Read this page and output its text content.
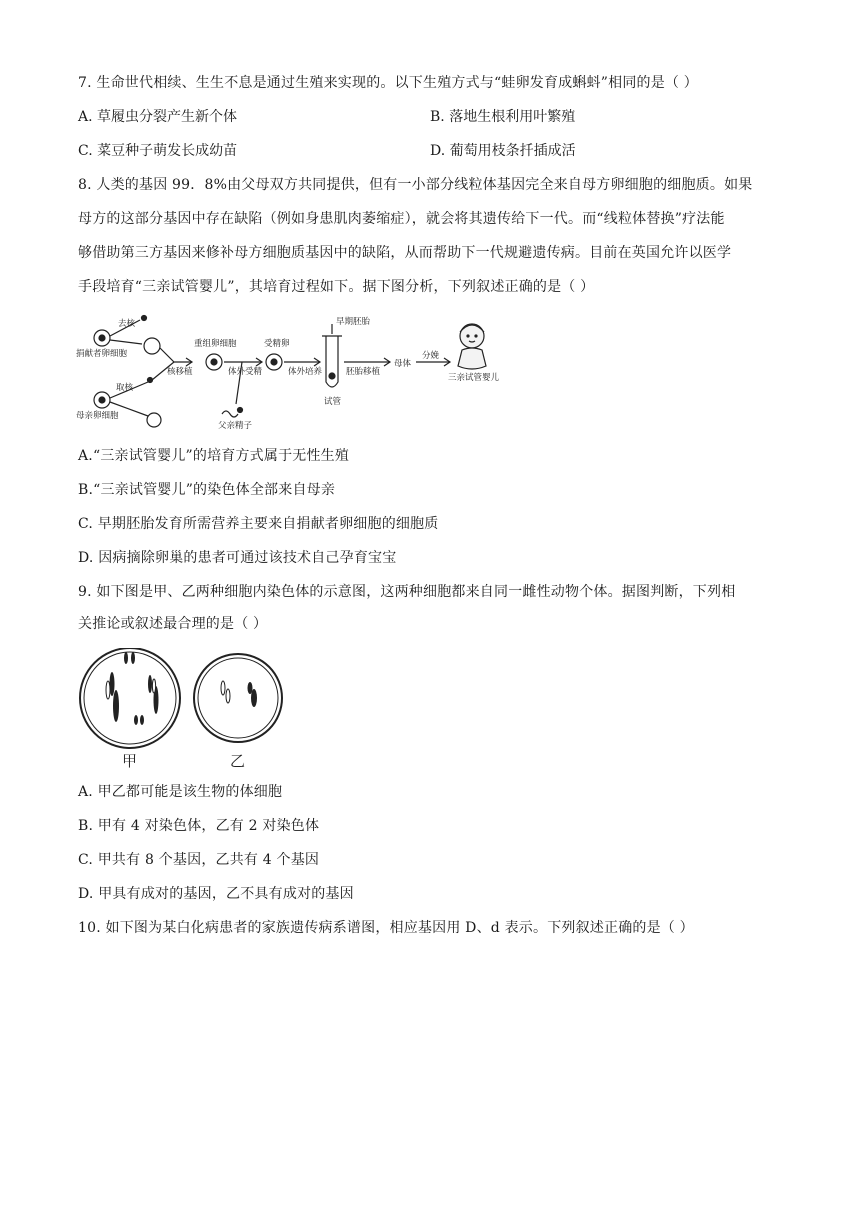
7. 生命世代相续、生生不息是通过生殖来实现的。以下生殖方式与“蛙卵发育成蝌蚪”相同的是（ ）
A. 草履虫分裂产生新个体	B. 落地生根利用叶繁殖
C. 菜豆种子萌发长成幼苗	D. 葡萄用枝条扦插成活
8. 人类的基因 99．8%由父母双方共同提供，但有一小部分线粒体基因完全来自母方卵细胞的细胞质。如果
母方的这部分基因中存在缺陷（例如身患肌肉萎缩症），就会将其遗传给下一代。而“线粒体替换”疗法能
够借助第三方基因来修补母方细胞质基因中的缺陷，从而帮助下一代规避遗传病。目前在英国允许以医学
手段培育“三亲试管婴儿”，其培育过程如下。据下图分析，下列叙述正确的是（ ）
捐献者卵细胞
去核
母亲卵细胞
取核
核移植
重组卵细胞
体外受精
受精卵
体外培养
早期胚胎
胚胎移植
试管
母体
分娩
父亲精子
三亲试管婴儿
A.“三亲试管婴儿”的培育方式属于无性生殖
B.“三亲试管婴儿”的染色体全部来自母亲
C. 早期胚胎发育所需营养主要来自捐献者卵细胞的细胞质
D. 因病摘除卵巢的患者可通过该技术自己孕育宝宝
9. 如下图是甲、乙两种细胞内染色体的示意图，这两种细胞都来自同一雌性动物个体。据图判断，下列相
关推论或叙述最合理的是（ ）
甲	乙
A. 甲乙都可能是该生物的体细胞
B. 甲有 4 对染色体，乙有 2 对染色体
C. 甲共有 8 个基因，乙共有 4 个基因
D. 甲具有成对的基因，乙不具有成对的基因
10. 如下图为某白化病患者的家族遗传病系谱图，相应基因用 D、d 表示。下列叙述正确的是（ ）
